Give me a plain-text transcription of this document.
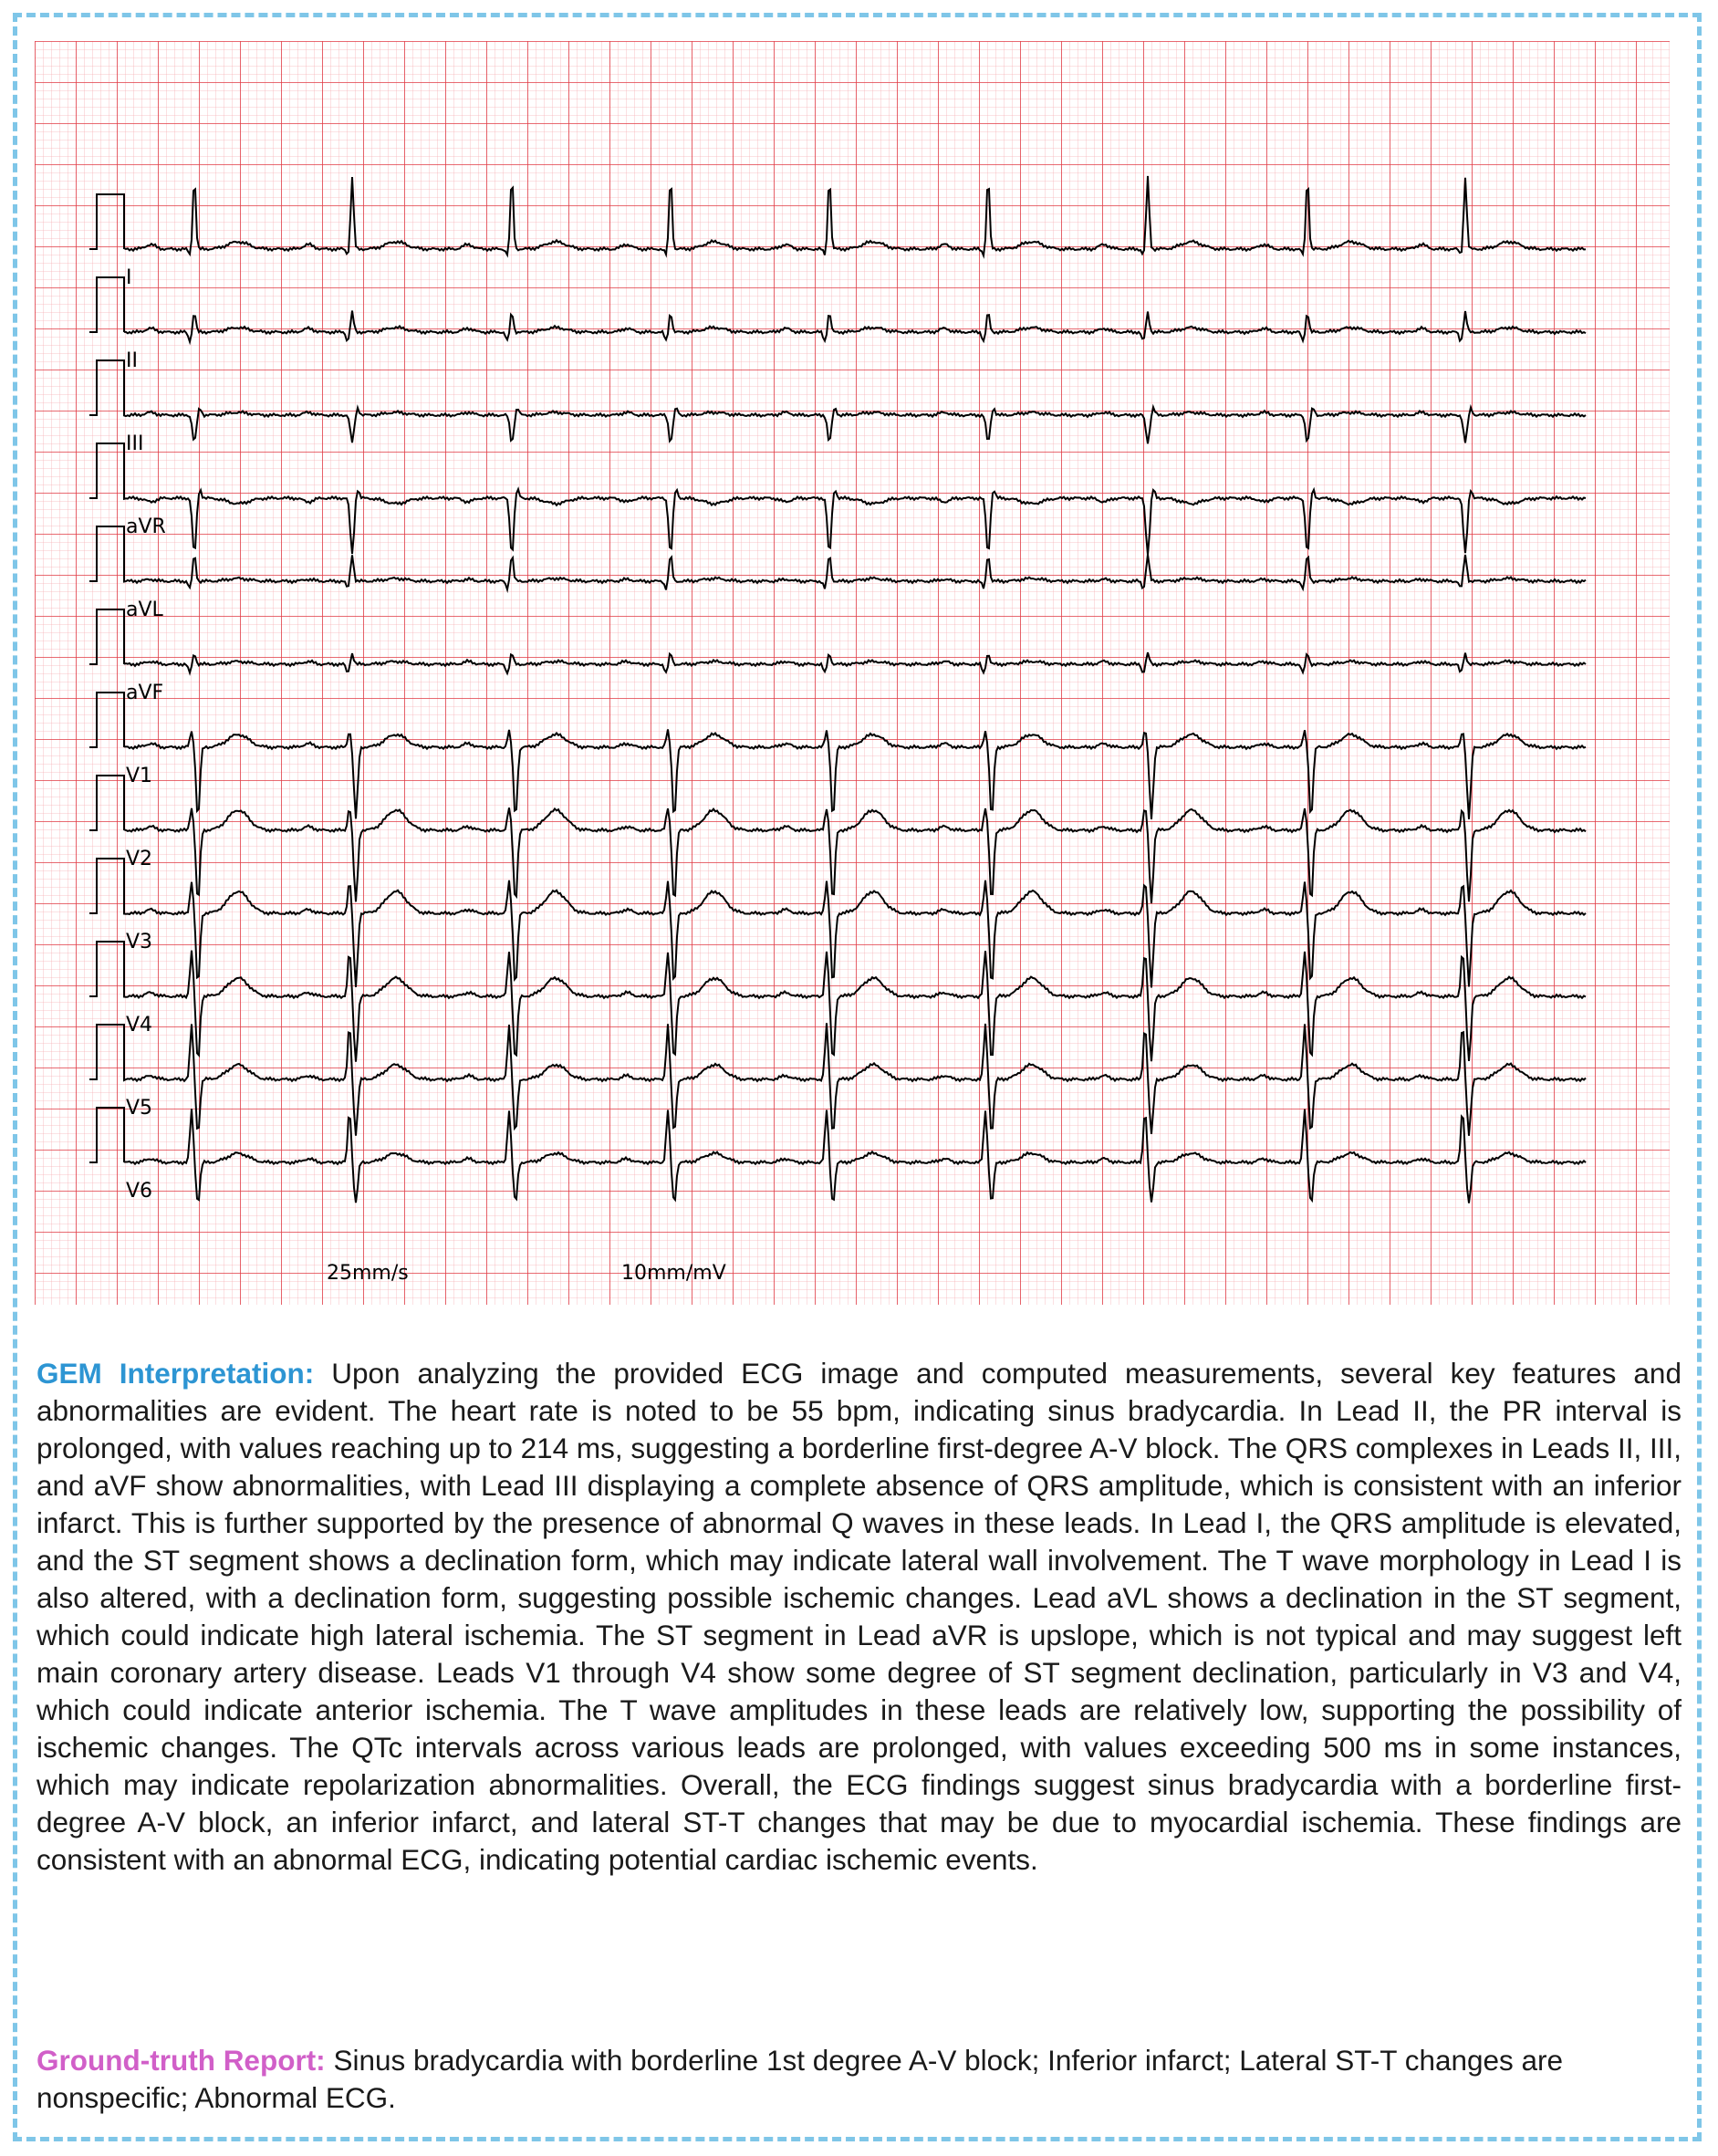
I
II
III
aVR
aVL
aVF
V1
V2
V3
V4
V5
V6
25mm/s	10mm/mV

GEM Interpretation: Upon analyzing the provided ECG image and computed measurements, several key features and abnormalities are evident. The heart rate is noted to be 55 bpm, indicating sinus bradycardia. In Lead II, the PR interval is prolonged, with values reaching up to 214 ms, suggesting a borderline first-degree A-V block. The QRS complexes in Leads II, III, and aVF show abnormalities, with Lead III displaying a complete absence of QRS amplitude, which is consistent with an inferior infarct. This is further supported by the presence of abnormal Q waves in these leads. In Lead I, the QRS amplitude is elevated, and the ST segment shows a declination form, which may indicate lateral wall involvement. The T wave morphology in Lead I is also altered, with a declination form, suggesting possible ischemic changes. Lead aVL shows a declination in the ST segment, which could indicate high lateral ischemia. The ST segment in Lead aVR is upslope, which is not typical and may suggest left main coronary artery disease. Leads V1 through V4 show some degree of ST segment declination, particularly in V3 and V4, which could indicate anterior ischemia. The T wave amplitudes in these leads are relatively low, supporting the possibility of ischemic changes. The QTc intervals across various leads are prolonged, with values exceeding 500 ms in some instances, which may indicate repolarization abnormalities. Overall, the ECG findings suggest sinus bradycardia with a borderline first-degree A-V block, an inferior infarct, and lateral ST-T changes that may be due to myocardial ischemia. These findings are consistent with an abnormal ECG, indicating potential cardiac ischemic events.

Ground-truth Report: Sinus bradycardia with borderline 1st degree A-V block; Inferior infarct; Lateral ST-T changes are nonspecific; Abnormal ECG.
